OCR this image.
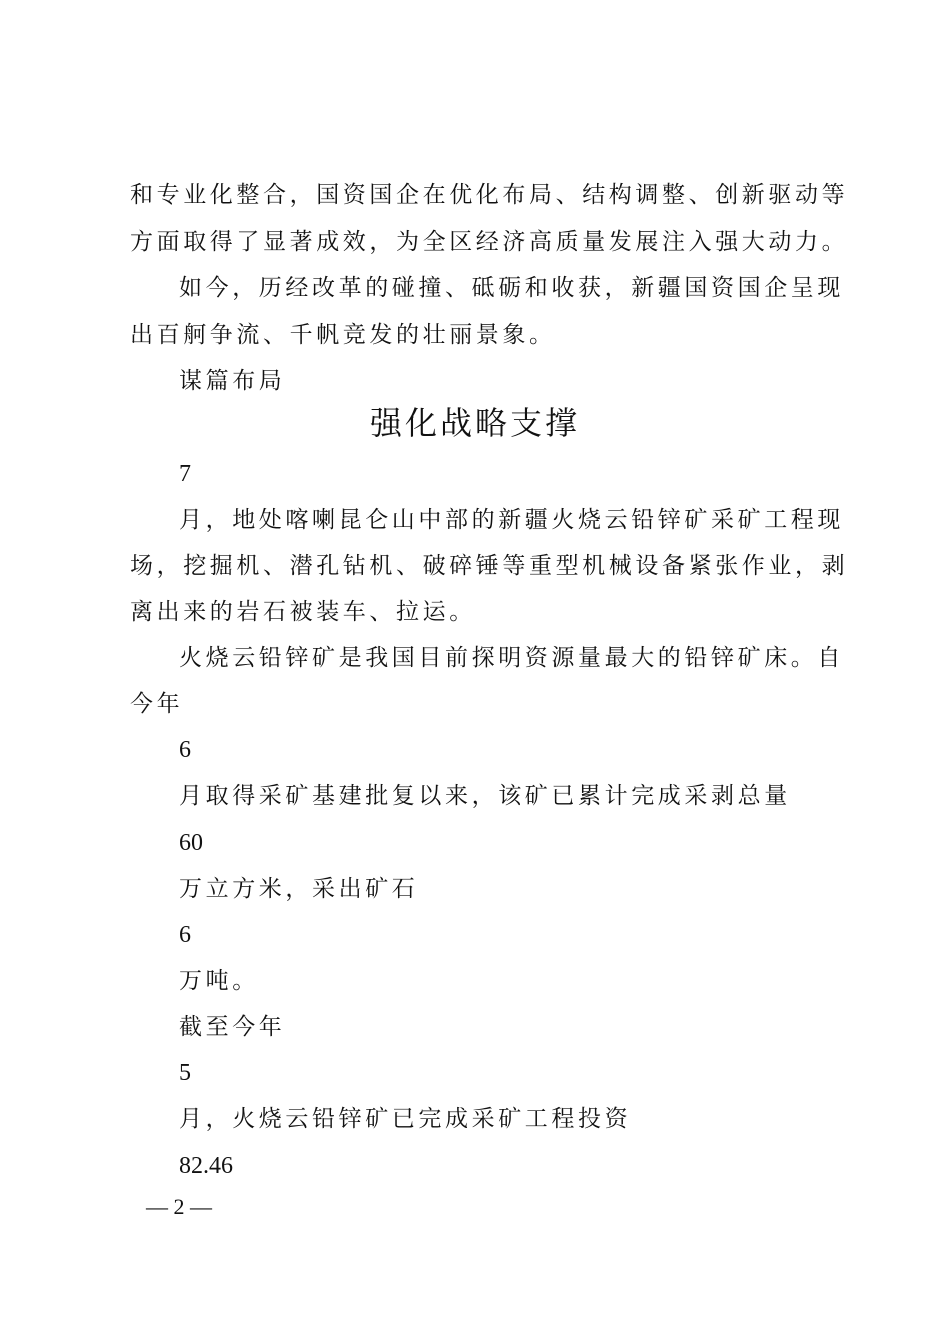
和专业化整合，国资国企在优化布局、结构调整、创新驱动等
方面取得了显著成效，为全区经济高质量发展注入强大动力。
如今，历经改革的碰撞、砥砺和收获，新疆国资国企呈现
出百舸争流、千帆竞发的壮丽景象。
谋篇布局
强化战略支撑
7
月，地处喀喇昆仑山中部的新疆火烧云铅锌矿采矿工程现
场，挖掘机、潜孔钻机、破碎锤等重型机械设备紧张作业，剥
离出来的岩石被装车、拉运。
火烧云铅锌矿是我国目前探明资源量最大的铅锌矿床。自
今年
6
月取得采矿基建批复以来，该矿已累计完成采剥总量
60
万立方米，采出矿石
6
万吨。
截至今年
5
月，火烧云铅锌矿已完成采矿工程投资
82.46
— 2 —
